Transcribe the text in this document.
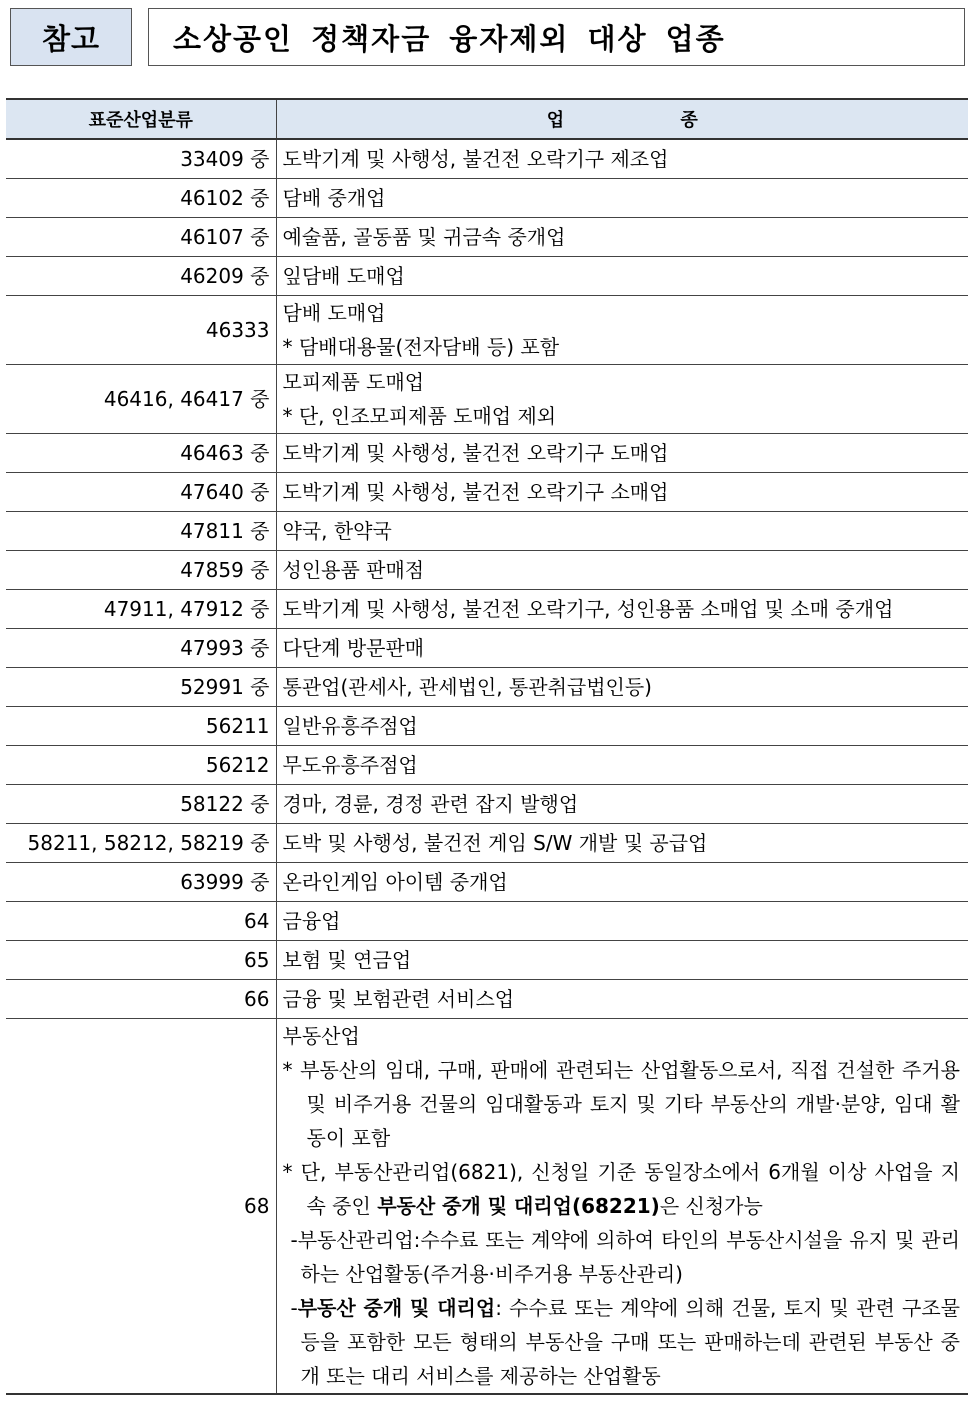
참고	소상공인 정책자금 융자제외 대상 업종
표준산업분류	업 종
33409 중	도박기계 및 사행성, 불건전 오락기구 제조업

46102 중	담배 중개업

46107 중	예술품, 골동품 및 귀금속 중개업

46209 중	잎담배 도매업

46333	담배 도매업
* 담배대용물(전자담배 등) 포함

46416, 46417 중	모피제품 도매업
* 단, 인조모피제품 도매업 제외

46463 중	도박기계 및 사행성, 불건전 오락기구 도매업

47640 중	도박기계 및 사행성, 불건전 오락기구 소매업

47811 중	약국, 한약국

47859 중	성인용품 판매점

47911, 47912 중	도박기계 및 사행성, 불건전 오락기구, 성인용품 소매업 및 소매 중개업

47993 중	다단계 방문판매

52991 중	통관업(관세사, 관세법인, 통관취급법인등)

56211	일반유흥주점업

56212	무도유흥주점업

58122 중	경마, 경륜, 경정 관련 잡지 발행업

58211, 58212, 58219 중	도박 및 사행성, 불건전 게임 S/W 개발 및 공급업

63999 중	온라인게임 아이템 중개업

64	금융업

65	보험 및 연금업

66	금융 및 보험관련 서비스업

68	부동산업
* 부동산의 임대, 구매, 판매에 관련되는 산업활동으로서, 직접 건설한 주거용 및 비주거용 건물의 임대활동과 토지 및 기타 부동산의 개발·분양, 임대 활동이 포함
* 단, 부동산관리업(6821), 신청일 기준 동일장소에서 6개월 이상 사업을 지속 중인 부동산 중개 및 대리업(68221)은 신청가능
-부동산관리업:수수료 또는 계약에 의하여 타인의 부동산시설을 유지 및 관리하는 산업활동(주거용·비주거용 부동산관리)
-부동산 중개 및 대리업: 수수료 또는 계약에 의해 건물, 토지 및 관련 구조물 등을 포함한 모든 형태의 부동산을 구매 또는 판매하는데 관련된 부동산 중개 또는 대리 서비스를 제공하는 산업활동
